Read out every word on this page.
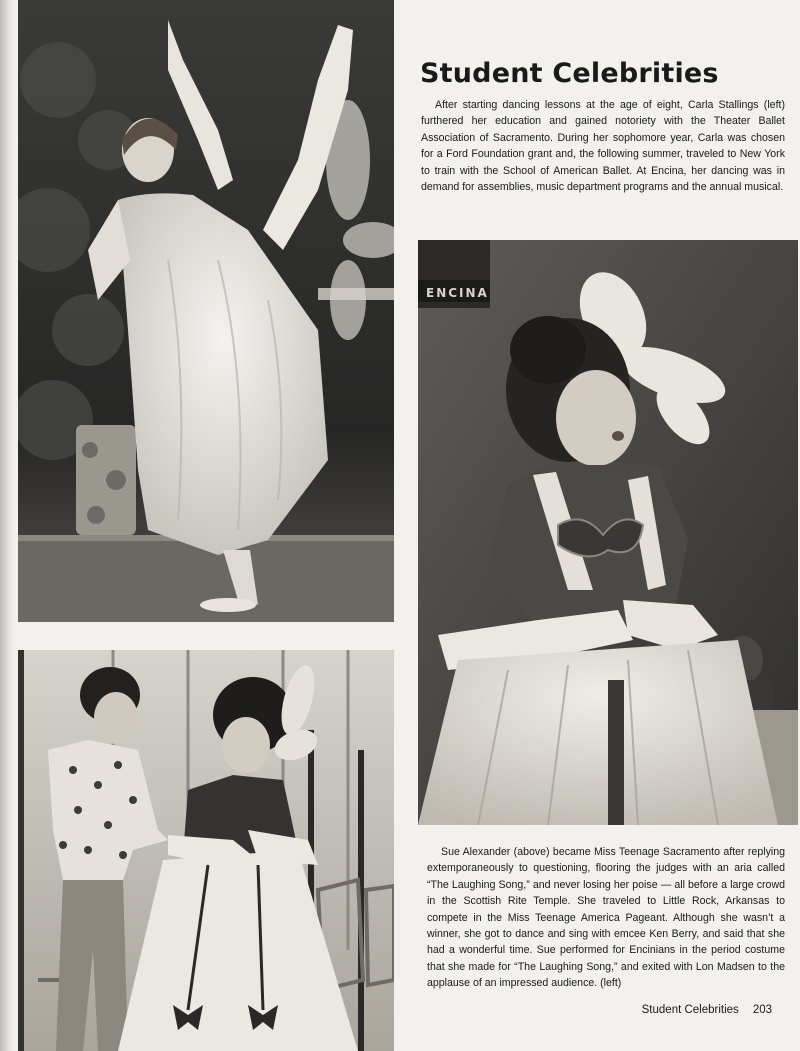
Student Celebrities

After starting dancing lessons at the age of eight, Carla Stallings (left) furthered her education and gained notoriety with the Theater Ballet Association of Sacramento. During her sophomore year, Carla was chosen for a Ford Foundation grant and, the following summer, traveled to New York to train with the School of American Ballet. At Encina, her dancing was in demand for assemblies, music department programs and the annual musical.

ENCINA

Sue Alexander (above) became Miss Teenage Sacramento after replying extemporaneously to questioning, flooring the judges with an aria called “The Laughing Song,” and never losing her poise — all before a large crowd in the Scottish Rite Temple. She traveled to Little Rock, Arkansas to compete in the Miss Teenage America Pageant. Although she wasn’t a winner, she got to dance and sing with emcee Ken Berry, and said that she had a wonderful time. Sue performed for Encinians in the period costume that she made for “The Laughing Song,” and exited with Lon Madsen to the applause of an impressed audience. (left)

Student Celebrities 203
